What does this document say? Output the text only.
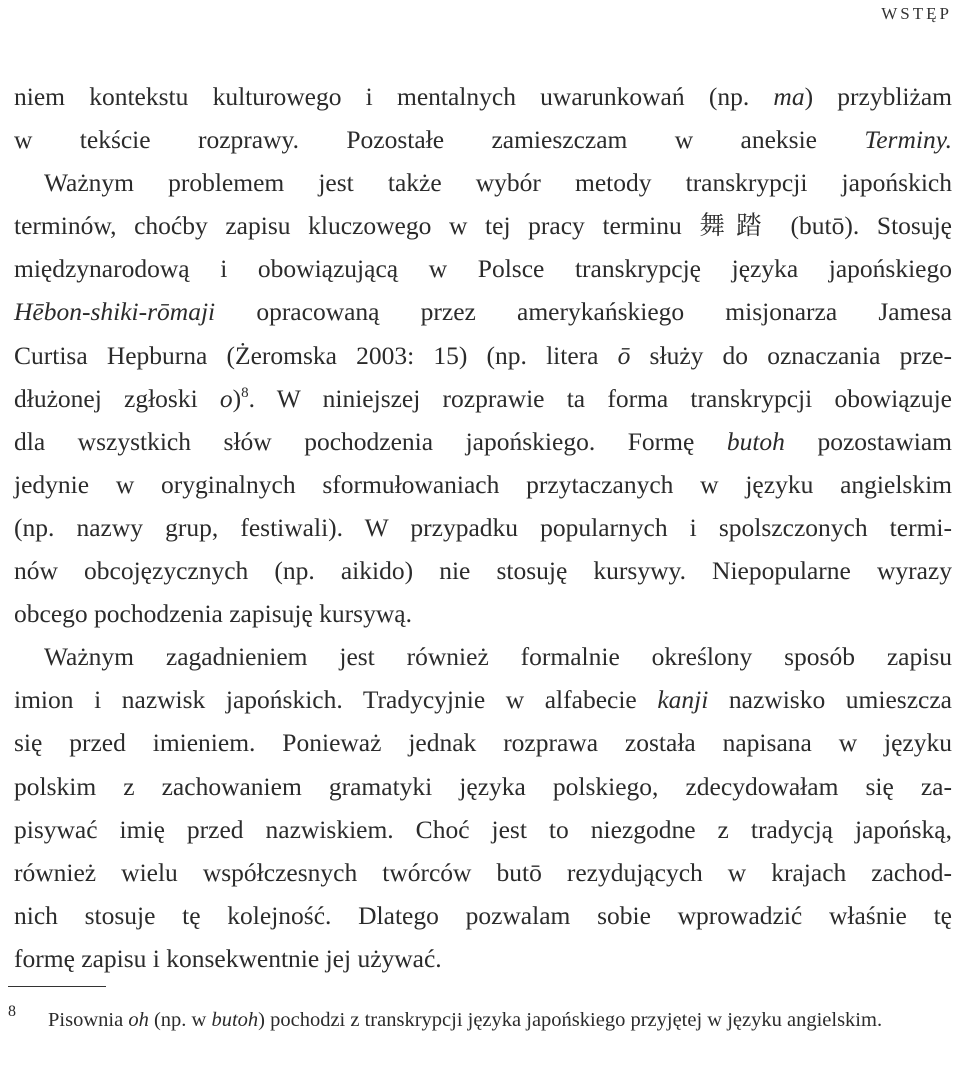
WSTĘP
niem kontekstu kulturowego i mentalnych uwarunkowań (np. ma) przybliżam
w tekście rozprawy. Pozostałe zamieszczam w aneksie Terminy.
Ważnym problemem jest także wybór metody transkrypcji japońskich
terminów, choćby zapisu kluczowego w tej pracy terminu 舞踏 (butō). Stosuję
międzynarodową i obowiązującą w Polsce transkrypcję języka japońskiego
Hēbon-shiki-rōmaji opracowaną przez amerykańskiego misjonarza Jamesa
Curtisa Hepburna (Żeromska 2003: 15) (np. litera ō służy do oznaczania prze-
dłużonej zgłoski o)$^8$. W niniejszej rozprawie ta forma transkrypcji obowiązuje
dla wszystkich słów pochodzenia japońskiego. Formę butoh pozostawiam
jedynie w oryginalnych sformułowaniach przytaczanych w języku angielskim
(np. nazwy grup, festiwali). W przypadku popularnych i spolszczonych termi-
nów obcojęzycznych (np. aikido) nie stosuję kursywy. Niepopularne wyrazy
obcego pochodzenia zapisuję kursywą.
Ważnym zagadnieniem jest również formalnie określony sposób zapisu
imion i nazwisk japońskich. Tradycyjnie w alfabecie kanji nazwisko umieszcza
się przed imieniem. Ponieważ jednak rozprawa została napisana w języku
polskim z zachowaniem gramatyki języka polskiego, zdecydowałam się za-
pisywać imię przed nazwiskiem. Choć jest to niezgodne z tradycją japońską,
również wielu współczesnych twórców butō rezydujących w krajach zachod-
nich stosuje tę kolejność. Dlatego pozwalam sobie wprowadzić właśnie tę
formę zapisu i konsekwentnie jej używać.
8 Pisownia oh (np. w butoh) pochodzi z transkrypcji języka japońskiego przyjętej w języku angielskim.
